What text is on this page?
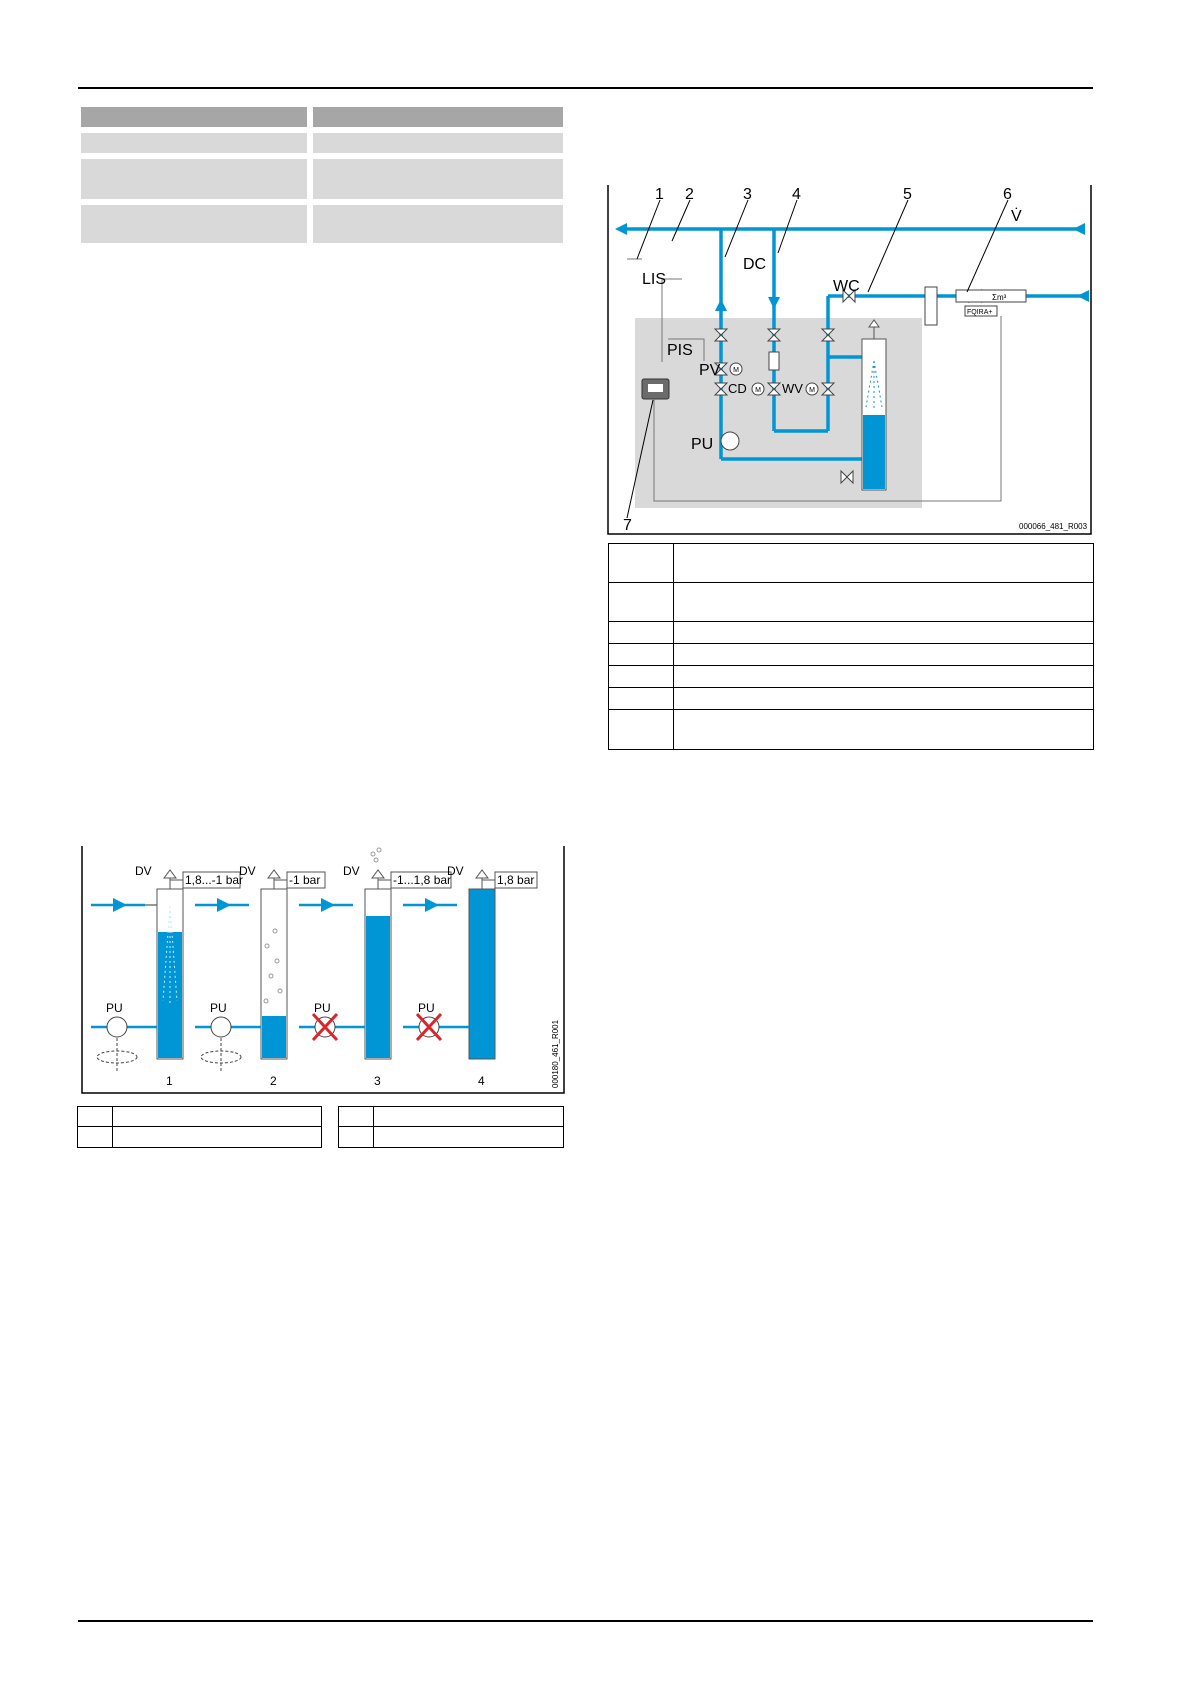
M
M	M
Σm³
FQIRA+
1 2	3	4	5	6
7
LIS
PIS
PV
DC
WC
PU
V̇
CD	WV
000066_481_R003

DV	DV	DV	DV
1,8...-1 bar	-1 bar	-1...1,8 bar	1,8 bar
PU	PU	PU	PU
1	2	3	4	000180_461_R001
